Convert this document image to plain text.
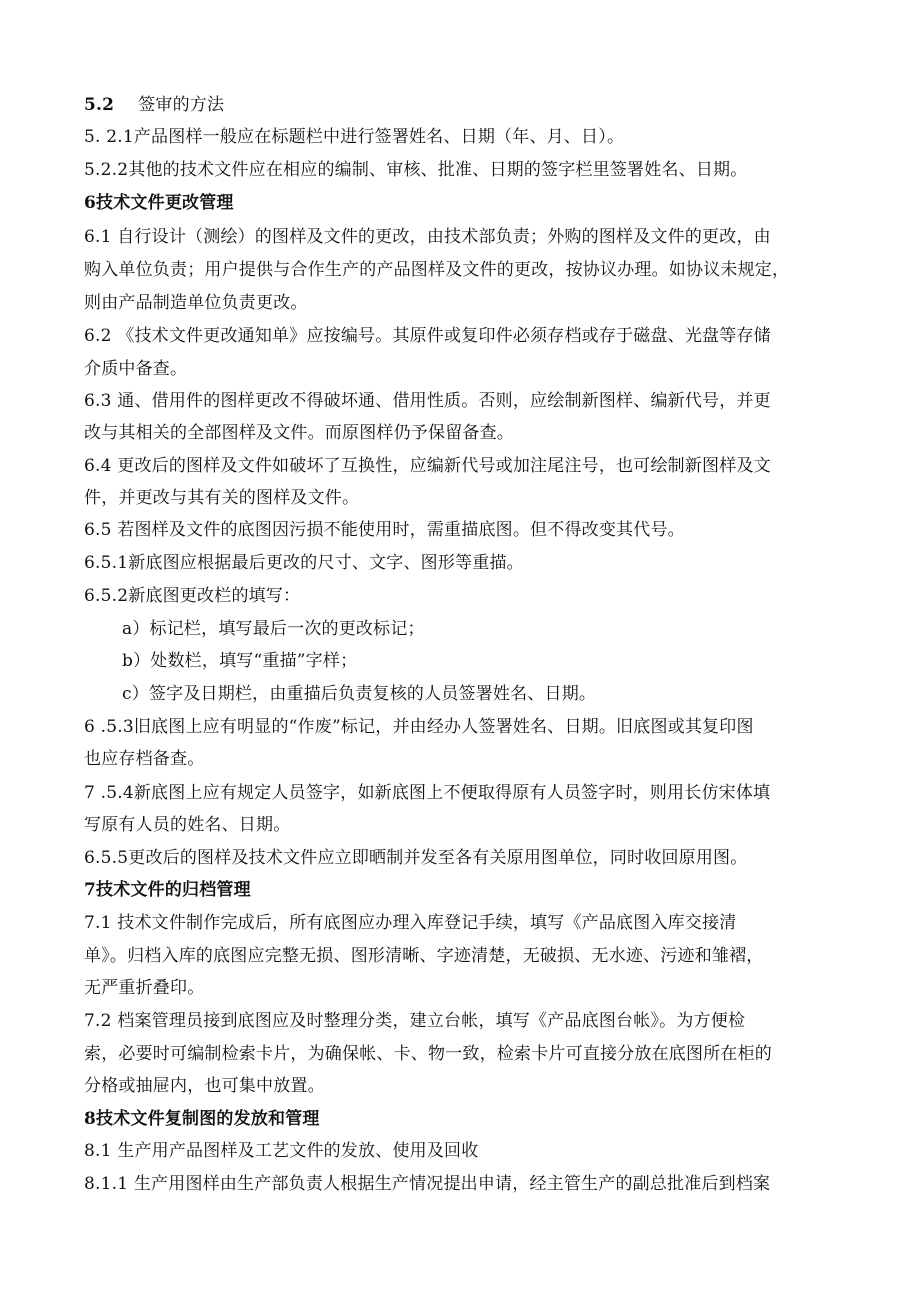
5.2 签审的方法
5. 2.1产品图样一般应在标题栏中进行签署姓名、日期（年、月、日）。
5.2.2其他的技术文件应在相应的编制、审核、批准、日期的签字栏里签署姓名、日期。
6技术文件更改管理
6.1 自行设计（测绘）的图样及文件的更改，由技术部负责；外购的图样及文件的更改，由
购入单位负责；用户提供与合作生产的产品图样及文件的更改，按协议办理。如协议未规定，
则由产品制造单位负责更改。
6.2 《技术文件更改通知单》应按编号。其原件或复印件必须存档或存于磁盘、光盘等存储
介质中备查。
6.3 通、借用件的图样更改不得破坏通、借用性质。否则，应绘制新图样、编新代号，并更
改与其相关的全部图样及文件。而原图样仍予保留备查。
6.4 更改后的图样及文件如破坏了互换性，应编新代号或加注尾注号，也可绘制新图样及文
件，并更改与其有关的图样及文件。
6.5 若图样及文件的底图因污损不能使用时，需重描底图。但不得改变其代号。
6.5.1新底图应根据最后更改的尺寸、文字、图形等重描。
6.5.2新底图更改栏的填写：
a）标记栏，填写最后一次的更改标记；
b）处数栏，填写“重描”字样；
c）签字及日期栏，由重描后负责复核的人员签署姓名、日期。
6 .5.3旧底图上应有明显的“作废”标记，并由经办人签署姓名、日期。旧底图或其复印图
也应存档备查。
7 .5.4新底图上应有规定人员签字，如新底图上不便取得原有人员签字时，则用长仿宋体填
写原有人员的姓名、日期。
6.5.5更改后的图样及技术文件应立即晒制并发至各有关原用图单位，同时收回原用图。
7技术文件的归档管理
7.1 技术文件制作完成后，所有底图应办理入库登记手续，填写《产品底图入库交接清
单》。归档入库的底图应完整无损、图形清晰、字迹清楚，无破损、无水迹、污迹和雏褶，
无严重折叠印。
7.2 档案管理员接到底图应及时整理分类，建立台帐，填写《产品底图台帐》。为方便检
索，必要时可编制检索卡片，为确保帐、卡、物一致，检索卡片可直接分放在底图所在柜的
分格或抽屉内，也可集中放置。
8技术文件复制图的发放和管理
8.1 生产用产品图样及工艺文件的发放、使用及回收
8.1.1 生产用图样由生产部负责人根据生产情况提出申请，经主管生产的副总批准后到档案
